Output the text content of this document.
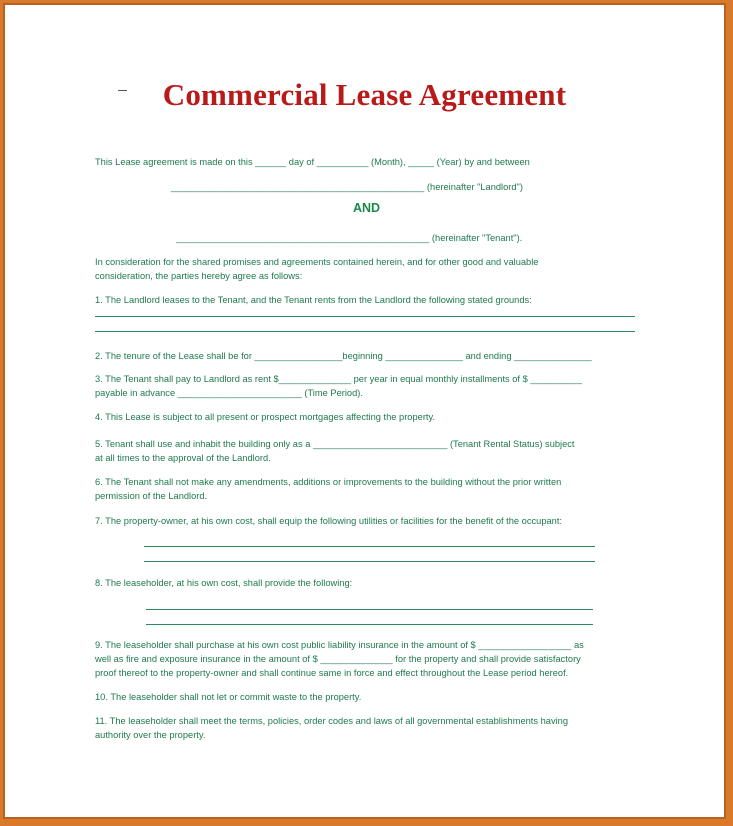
Commercial Lease Agreement
This Lease agreement is made on this ______ day of __________ (Month), _____ (Year) by and between
_________________________________________________ (hereinafter "Landlord")
AND
_________________________________________________ (hereinafter "Tenant").
In consideration for the shared promises and agreements contained herein, and for other good and valuable
consideration, the parties hereby agree as follows:
1. The Landlord leases to the Tenant, and the Tenant rents from the Landlord the following stated grounds:
2. The tenure of the Lease shall be for _________________beginning _______________ and ending _______________
3. The Tenant shall pay to Landlord as rent $______________ per year in equal monthly installments of $ __________
payable in advance ________________________ (Time Period).
4. This Lease is subject to all present or prospect mortgages affecting the property.
5. Tenant shall use and inhabit the building only as a __________________________ (Tenant Rental Status) subject
at all times to the approval of the Landlord.
6. The Tenant shall not make any amendments, additions or improvements to the building without the prior written
permission of the Landlord.
7. The property-owner, at his own cost, shall equip the following utilities or facilities for the benefit of the occupant:
8. The leaseholder, at his own cost, shall provide the following:
9. The leaseholder shall purchase at his own cost public liability insurance in the amount of $ __________________ as
well as fire and exposure insurance in the amount of $ ______________ for the property and shall provide satisfactory
proof thereof to the property-owner and shall continue same in force and effect throughout the Lease period hereof.
10. The leaseholder shall not let or commit waste to the property.
11. The leaseholder shall meet the terms, policies, order codes and laws of all governmental establishments having
authority over the property.
